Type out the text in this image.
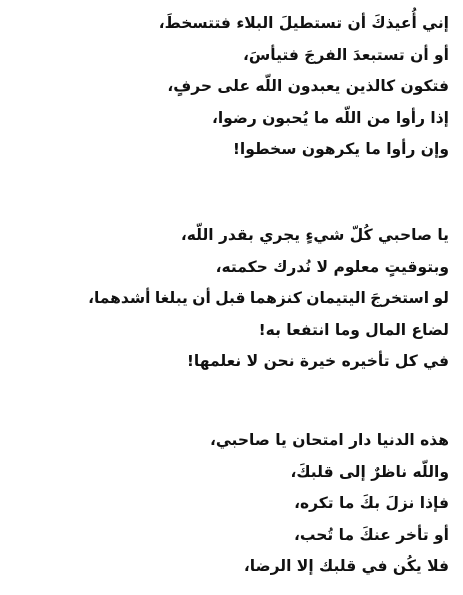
إني أُعيذكَ أن تستطيلَ البلاء فتتسخطَ،
أو أن تستبعدَ الفرجَ فتيأسَ،
فتكون كالذين يعبدون اللّه على حرفٍ،
إذا رأوا من اللّه ما يُحبون رضوا،
وإن رأوا ما يكرهون سخطوا!
يا صاحبي كُلّ شيءٍ يجري بقدر اللّه،
وبتوقيتٍ معلوم لا نُدرك حكمته،
لو استخرجَ اليتيمان كنزهما قبل أن يبلغا أشدهما،
لضاع المال وما انتفعا به!
في كل تأخيره خيرة نحن لا نعلمها!
هذه الدنيا دار امتحان يا صاحبي،
واللّه ناظرٌ إلى قلبكَ،
فإذا نزلَ بكَ ما تكره،
أو تأخر عنكَ ما تُحب،
فلا يكُن في قلبك إلا الرضا،
